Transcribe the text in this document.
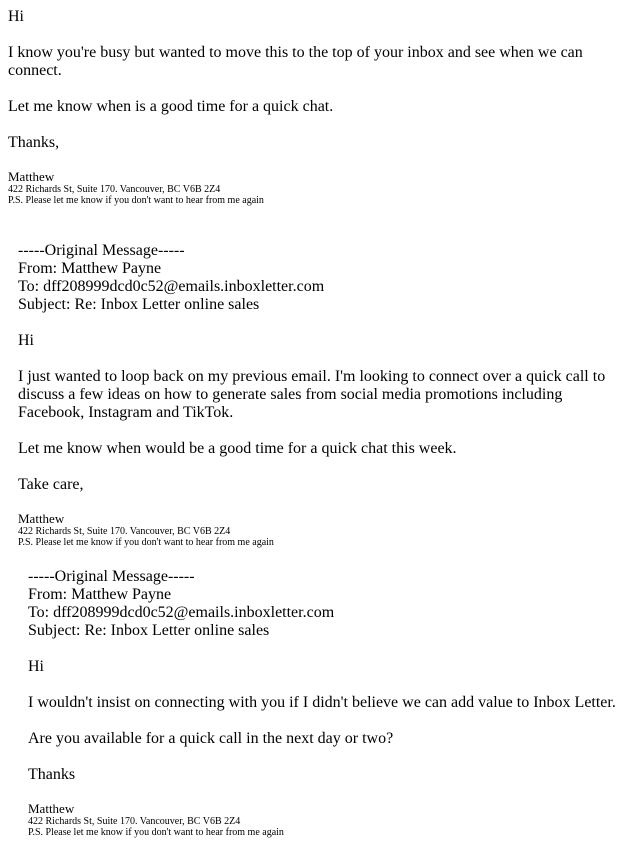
Hi

I know you're busy but wanted to move this to the top of your inbox and see when we can connect.

Let me know when is a good time for a quick chat.

Thanks,

Matthew

422 Richards St, Suite 170. Vancouver, BC V6B 2Z4

P.S. Please let me know if you don't want to hear from me again

-----Original Message-----

From: Matthew Payne

To: dff208999dcd0c52@emails.inboxletter.com

Subject: Re: Inbox Letter online sales

Hi

I just wanted to loop back on my previous email. I'm looking to connect over a quick call to discuss a few ideas on how to generate sales from social media promotions including Facebook, Instagram and TikTok.

Let me know when would be a good time for a quick chat this week.

Take care,

Matthew

422 Richards St, Suite 170. Vancouver, BC V6B 2Z4

P.S. Please let me know if you don't want to hear from me again

-----Original Message-----

From: Matthew Payne

To: dff208999dcd0c52@emails.inboxletter.com

Subject: Re: Inbox Letter online sales

Hi

I wouldn't insist on connecting with you if I didn't believe we can add value to Inbox Letter.

Are you available for a quick call in the next day or two?

Thanks

Matthew

422 Richards St, Suite 170. Vancouver, BC V6B 2Z4

P.S. Please let me know if you don't want to hear from me again
